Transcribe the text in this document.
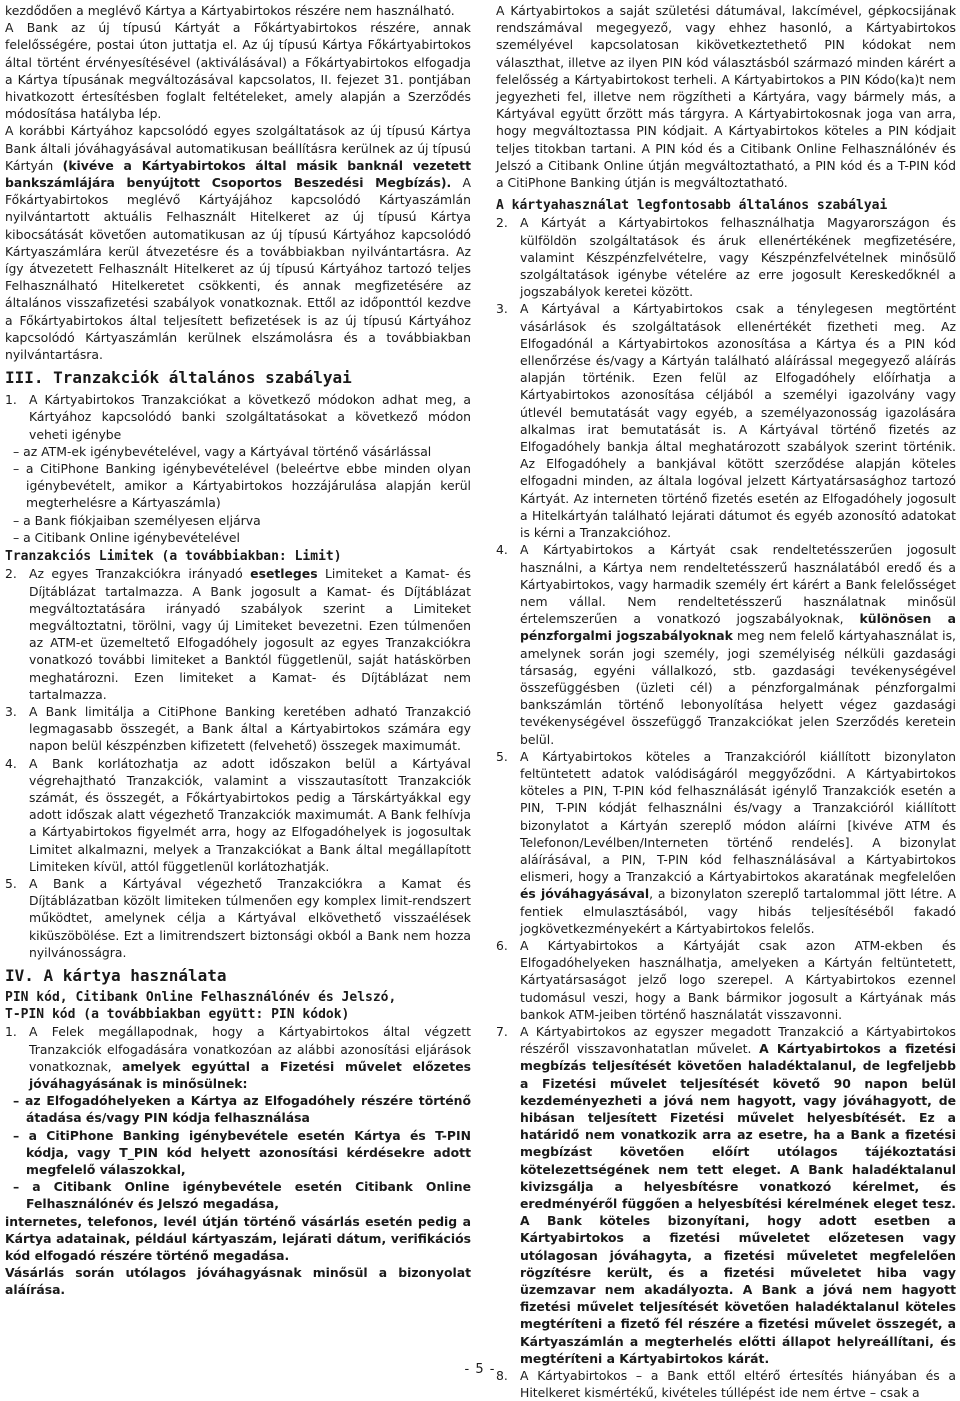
kezdődően a meglévő Kártya a Kártyabirtokos részére nem használható.

A Bank az új típusú Kártyát a Főkártyabirtokos részére, annak felelősségére, postai úton juttatja el. Az új típusú Kártya Főkártyabirtokos által történt érvényesítésével (aktiválásával) a Főkártyabirtokos elfogadja a Kártya típusának megváltozásával kapcsolatos, II. fejezet 31. pontjában hivatkozott értesítésben foglalt feltételeket, amely alapján a Szerződés módosítása hatályba lép.

A korábbi Kártyához kapcsolódó egyes szolgáltatások az új típusú Kártya Bank általi jóváhagyásával automatikusan beállításra kerülnek az új típusú Kártyán (kivéve a Kártyabirtokos által másik banknál vezetett bankszámlájára benyújtott Csoportos Beszedési Megbízás). A Főkártyabirtokos meglévő Kártyájához kapcsolódó Kártyaszámlán nyilvántartott aktuális Felhasznált Hitelkeret az új típusú Kártya kibocsátását követően automatikusan az új típusú Kártyához kapcsolódó Kártyaszámlára kerül átvezetésre és a továbbiakban nyilvántartásra. Az így átvezetett Felhasznált Hitelkeret az új típusú Kártyához tartozó teljes Felhasználható Hitelkeretet csökkenti, és annak megfizetésére az általános visszafizetési szabályok vonatkoznak. Ettől az időponttól kezdve a Főkártyabirtokos által teljesített befizetések is az új típusú Kártyához kapcsolódó Kártyaszámlán kerülnek elszámolásra és a továbbiakban nyilvántartásra.

III. Tranzakciók általános szabályai
1. A Kártyabirtokos Tranzakciókat a következő módokon adhat meg, a Kártyához kapcsolódó banki szolgáltatásokat a következő módon veheti igénybe

– az ATM-ek igénybevételével, vagy a Kártyával történő vásárlással

– a CitiPhone Banking igénybevételével (beleértve ebbe minden olyan igénybevételt, amikor a Kártyabirtokos hozzájárulása alapján kerül megterhelésre a Kártyaszámla)

– a Bank fiókjaiban személyesen eljárva

– a Citibank Online igénybevételével

Tranzakciós Limitek (a továbbiakban: Limit)
2. Az egyes Tranzakciókra irányadó esetleges Limiteket a Kamat- és Díjtáblázat tartalmazza. A Bank jogosult a Kamat- és Díjtáblázat megváltoztatására irányadó szabályok szerint a Limiteket megváltoztatni, törölni, vagy új Limiteket bevezetni. Ezen túlmenően az ATM-et üzemeltető Elfogadóhely jogosult az egyes Tranzakciókra vonatkozó további limiteket a Banktól függetlenül, saját hatáskörben meghatározni. Ezen limiteket a Kamat- és Díjtáblázat nem tartalmazza.
3. A Bank limitálja a CitiPhone Banking keretében adható Tranzakció legmagasabb összegét, a Bank által a Kártyabirtokos számára egy napon belül készpénzben kifizetett (felvehető) összegek maximumát.
4. A Bank korlátozhatja az adott időszakon belül a Kártyával végrehajtható Tranzakciók, valamint a visszautasított Tranzakciók számát, és összegét, a Főkártyabirtokos pedig a Társkártyákkal egy adott időszak alatt végezhető Tranzakciók maximumát. A Bank felhívja a Kártyabirtokos figyelmét arra, hogy az Elfogadóhelyek is jogosultak Limitet alkalmazni, melyek a Tranzakciókat a Bank által megállapított Limiteken kívül, attól függetlenül korlátozhatják.
5. A Bank a Kártyával végezhető Tranzakciókra a Kamat és Díjtáblázatban közölt limiteken túlmenően egy komplex limit-rendszert működtet, amelynek célja a Kártyával elkövethető visszaélések kiküszöbölése. Ezt a limitrendszert biztonsági okból a Bank nem hozza nyilvánosságra.
IV. A kártya használata
PIN kód, Citibank Online Felhasználónév és Jelszó,
T-PIN kód (a továbbiakban együtt: PIN kódok)
1. A Felek megállapodnak, hogy a Kártyabirtokos által végzett Tranzakciók elfogadására vonatkozóan az alábbi azonosítási eljárások vonatkoznak, amelyek egyúttal a Fizetési művelet előzetes jóváhagyásának is minősülnek:

– az Elfogadóhelyeken a Kártya az Elfogadóhely részére történő átadása és/vagy PIN kódja felhasználása

– a CitiPhone Banking igénybevétele esetén Kártya és T-PIN kódja, vagy T_PIN kód helyett azonosítási kérdésekre adott megfelelő válaszokkal,

– a Citibank Online igénybevétele esetén Citibank Online Felhasználónév és Jelszó megadása,

internetes, telefonos, levél útján történő vásárlás esetén pedig a Kártya adatainak, például kártyaszám, lejárati dátum, verifikációs kód elfogadó részére történő megadása.

Vásárlás során utólagos jóváhagyásnak minősül a bizonyolat aláírása.

A Kártyabirtokos a saját születési dátumával, lakcímével, gépkocsijának rendszámával megegyező, vagy ehhez hasonló, a Kártyabirtokos személyével kapcsolatosan kikövetkeztethető PIN kódokat nem választhat, illetve az ilyen PIN kód választásból származó minden kárért a felelősség a Kártyabirtokost terheli. A Kártyabirtokos a PIN Kódo(ka)t nem jegyezheti fel, illetve nem rögzítheti a Kártyára, vagy bármely más, a Kártyával együtt őrzött más tárgyra. A Kártyabirtokosnak joga van arra, hogy megváltoztassa PIN kódjait. A Kártyabirtokos köteles a PIN kódjait teljes titokban tartani. A PIN kód és a Citibank Online Felhasználónév és Jelszó a Citibank Online útján megváltoztatható, a PIN kód és a T-PIN kód a CitiPhone Banking útján is megváltoztatható.

A kártyahasználat legfontosabb általános szabályai
2. A Kártyát a Kártyabirtokos felhasználhatja Magyarországon és külföldön szolgáltatások és áruk ellenértékének megfizetésére, valamint Készpénzfelvételre, vagy Készpénzfelvételnek minősülő szolgáltatások igénybe vételére az erre jogosult Kereskedőknél a jogszabályok keretei között.
3. A Kártyával a Kártyabirtokos csak a ténylegesen megtörtént vásárlások és szolgáltatások ellenértékét fizetheti meg. Az Elfogadónál a Kártyabirtokos azonosítása a Kártya és a PIN kód ellenőrzése és/vagy a Kártyán található aláírással megegyező aláírás alapján történik. Ezen felül az Elfogadóhely előírhatja a Kártyabirtokos azonosítása céljából a személyi igazolvány vagy útlevél bemutatását vagy egyéb, a személyazonosság igazolására alkalmas irat bemutatását is. A Kártyával történő fizetés az Elfogadóhely bankja által meghatározott szabályok szerint történik. Az Elfogadóhely a bankjával kötött szerződése alapján köteles elfogadni minden, az általa logóval jelzett Kártyatársasághoz tartozó Kártyát. Az interneten történő fizetés esetén az Elfogadóhely jogosult a Hitelkártyán található lejárati dátumot és egyéb azonosító adatokat is kérni a Tranzakcióhoz.
4. A Kártyabirtokos a Kártyát csak rendeltetésszerűen jogosult használni, a Kártya nem rendeltetésszerű használatából eredő és a Kártyabirtokos, vagy harmadik személy ért kárért a Bank felelősséget nem vállal. Nem rendeltetésszerű használatnak minősül értelemszerűen a vonatkozó jogszabályoknak, különösen a pénzforgalmi jogszabályoknak meg nem felelő kártyahasználat is, amelynek során jogi személy, jogi személyiség nélküli gazdasági társaság, egyéni vállalkozó, stb. gazdasági tevékenységével összefüggésben (üzleti cél) a pénzforgalmának pénzforgalmi bankszámlán történő lebonyolítása helyett végez gazdasági tevékenységével összefüggő Tranzakciókat jelen Szerződés keretein belül.
5. A Kártyabirtokos köteles a Tranzakcióról kiállított bizonylaton feltüntetett adatok valódiságáról meggyőződni. A Kártyabirtokos köteles a PIN, T-PIN kód felhasználását igénylő Tranzakciók esetén a PIN, T-PIN kódját felhasználni és/vagy a Tranzakcióról kiállított bizonylatot a Kártyán szereplő módon aláírni [kivéve ATM és Telefonon/Levélben/Interneten történő rendelés]. A bizonylat aláírásával, a PIN, T-PIN kód felhasználásával a Kártyabirtokos elismeri, hogy a Tranzakció a Kártyabirtokos akaratának megfelelően és jóváhagyásával, a bizonylaton szereplő tartalommal jött létre. A fentiek elmulasztásából, vagy hibás teljesítéséből fakadó jogkövetkezményekért a Kártyabirtokos felelős.
6. A Kártyabirtokos a Kártyáját csak azon ATM-ekben és Elfogadóhelyeken használhatja, amelyeken a Kártyán feltüntetett, Kártyatársaságot jelző logo szerepel. A Kártyabirtokos ezennel tudomásul veszi, hogy a Bank bármikor jogosult a Kártyának más bankok ATM-jeiben történő használatát visszavonni.
7. A Kártyabirtokos az egyszer megadott Tranzakció a Kártyabirtokos részéről visszavonhatatlan művelet. A Kártyabirtokos a fizetési megbízás teljesítését követően haladéktalanul, de legfeljebb a Fizetési művelet teljesítését követő 90 napon belül kezdeményezheti a jóvá nem hagyott, vagy jóváhagyott, de hibásan teljesített Fizetési művelet helyesbítését. Ez a határidő nem vonatkozik arra az esetre, ha a Bank a fizetési megbízást követően előírt utólagos tájékoztatási kötelezettségének nem tett eleget. A Bank haladéktalanul kivizsgálja a helyesbítésre vonatkozó kérelmet, és eredményéről függően a helyesbítési kérelmének eleget tesz. A Bank köteles bizonyítani, hogy adott esetben a Kártyabirtokos a fizetési műveletet előzetesen vagy utólagosan jóváhagyta, a fizetési műveletet megfelelően rögzítésre került, és a fizetési műveletet hiba vagy üzemzavar nem akadályozta. A Bank a jóvá nem hagyott fizetési művelet teljesítését követően haladéktalanul köteles megtéríteni a fizető fél részére a fizetési művelet összegét, a Kártyaszámlán a megterhelés előtti állapot helyreállítani, és megtéríteni a Kártyabirtokos kárát.
8. A Kártyabirtokos – a Bank ettől eltérő értesítés hiányában és a Hitelkeret kismértékű, kivételes túllépést ide nem értve – csak a
- 5 -
